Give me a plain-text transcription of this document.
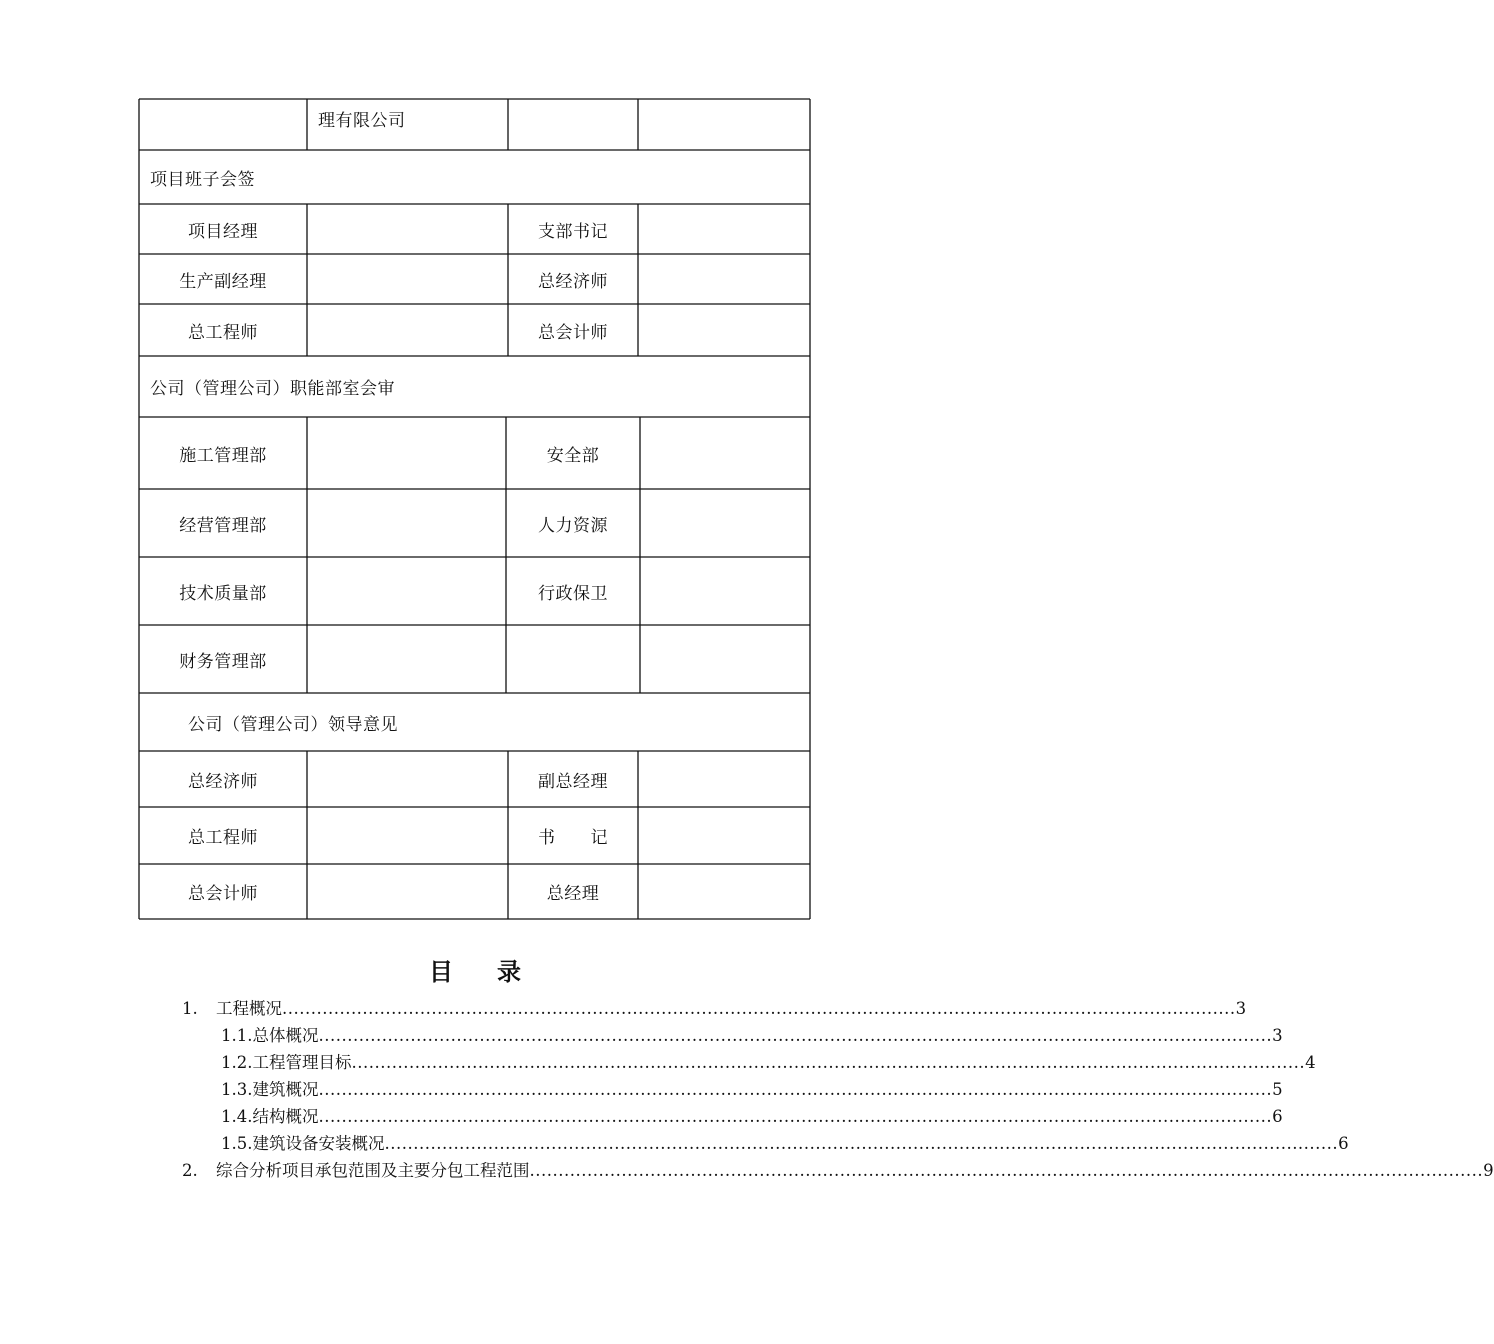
理有限公司
项目班子会签
项目经理	支部书记
生产副经理	总经济师
总工程师	总会计师
公司（管理公司）职能部室会审
施工管理部	安全部
经营管理部	人力资源
技术质量部	行政保卫
财务管理部
公司（管理公司）领导意见
总经济师	副总经理
总工程师	书　　记
总会计师	总经理
目录
1.	工程概况 ...................................................................................................................................................................... 3
1.1.总体概况 ...................................................................................................................................................................... 3
1.2.工程管理目标 ...................................................................................................................................................................... 4
1.3.建筑概况 ...................................................................................................................................................................... 5
1.4.结构概况 ...................................................................................................................................................................... 6
1.5.建筑设备安装概况 ...................................................................................................................................................................... 6
2.	综合分析项目承包范围及主要分包工程范围 ...................................................................................................................................................................... 9
